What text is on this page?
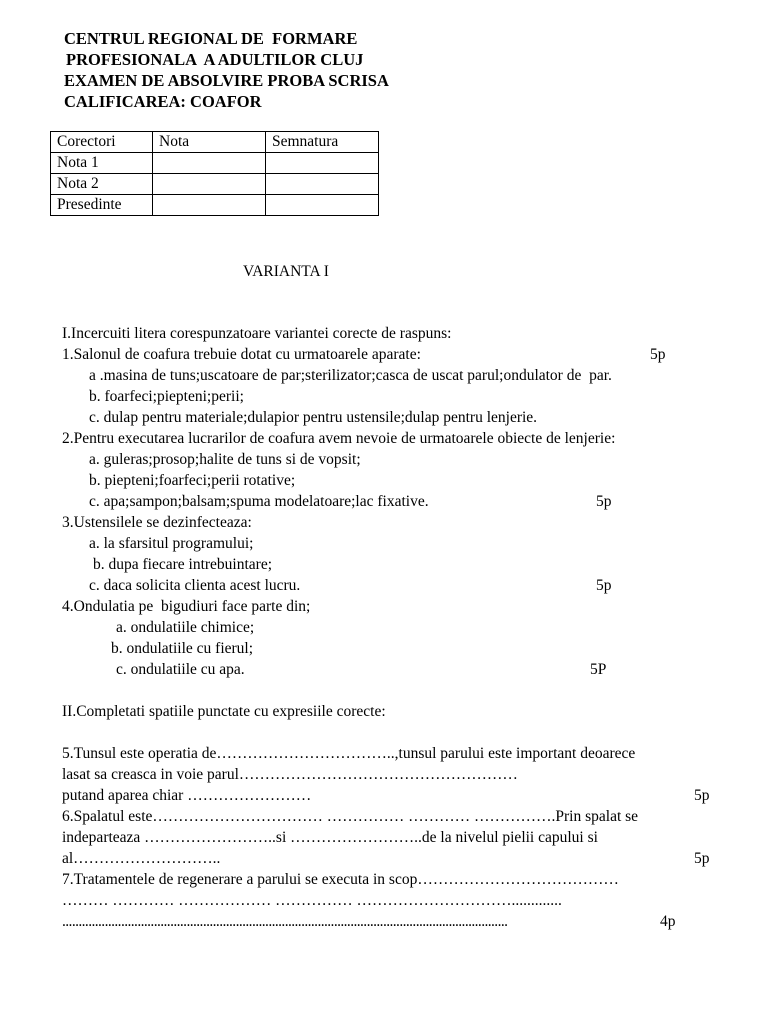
CENTRUL REGIONAL DE  FORMARE
PROFESIONALA  A ADULTILOR CLUJ
EXAMEN DE ABSOLVIRE PROBA SCRISA
CALIFICAREA: COAFOR
Corectori	Nota	Semnatura
Nota 1		
Nota 2		
Presedinte		
VARIANTA I
I.Incercuiti litera corespunzatoare variantei corecte de raspuns:
1.Salonul de coafura trebuie dotat cu urmatoarele aparate:	5p
a .masina de tuns;uscatoare de par;sterilizator;casca de uscat parul;ondulator de  par.
b. foarfeci;piepteni;perii;
c. dulap pentru materiale;dulapior pentru ustensile;dulap pentru lenjerie.
2.Pentru executarea lucrarilor de coafura avem nevoie de urmatoarele obiecte de lenjerie:
a. guleras;prosop;halite de tuns si de vopsit;
b. piepteni;foarfeci;perii rotative;
c. apa;sampon;balsam;spuma modelatoare;lac fixative.	5p
3.Ustensilele se dezinfecteaza:
a. la sfarsitul programului;
b. dupa fiecare intrebuintare;
c. daca solicita clienta acest lucru.	5p
4.Ondulatia pe  bigudiuri face parte din;
a. ondulatiile chimice;
b. ondulatiile cu fierul;
c. ondulatiile cu apa.	5P
II.Completati spatiile punctate cu expresiile corecte:
5.Tunsul este operatia de……………………………..,tunsul parului este important deoarece
lasat sa creasca in voie parul………………………………………………
putand aparea chiar ……………………	5p
6.Spalatul este…………………………… …………… ………… …………….Prin spalat se
indeparteaza ……………………..si ……………………..de la nivelul pielii capului si
al………………………..	5p
7.Tratamentele de regenerare a parului se executa in scop…………………………………
……… ………… ……………… …………… ………………………….............
........................................................................................................................................	4p
